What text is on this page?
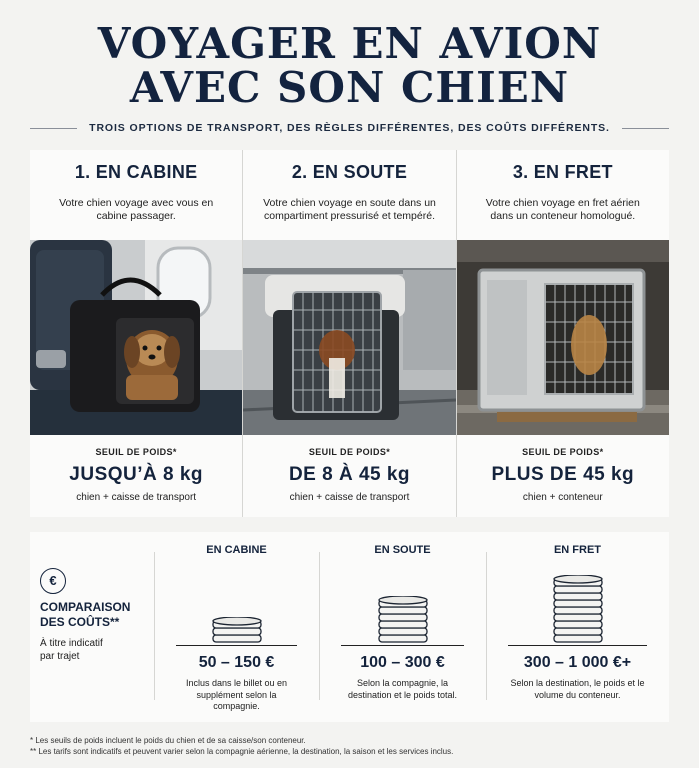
VOYAGER EN AVION
AVEC SON CHIEN
TROIS OPTIONS DE TRANSPORT, DES RÈGLES DIFFÉRENTES, DES COÛTS DIFFÉRENTS.
1. EN CABINE
Votre chien voyage avec vous en cabine passager.
SEUIL DE POIDS*
JUSQU’À 8 kg
chien + caisse de transport
2. EN SOUTE
Votre chien voyage en soute dans un compartiment pressurisé et tempéré.
SEUIL DE POIDS*
DE 8 À 45 kg
chien + caisse de transport
3. EN FRET
Votre chien voyage en fret aérien dans un conteneur homologué.
SEUIL DE POIDS*
PLUS DE 45 kg
chien + conteneur
€
COMPARAISON DES COÛTS**
À titre indicatif par trajet
EN CABINE
50 – 150 €
Inclus dans le billet ou en supplément selon la compagnie.
EN SOUTE
100 – 300 €
Selon la compagnie, la destination et le poids total.
EN FRET
300 – 1 000 €+
Selon la destination, le poids et le volume du conteneur.
* Les seuils de poids incluent le poids du chien et de sa caisse/son conteneur.
** Les tarifs sont indicatifs et peuvent varier selon la compagnie aérienne, la destination, la saison et les services inclus.
